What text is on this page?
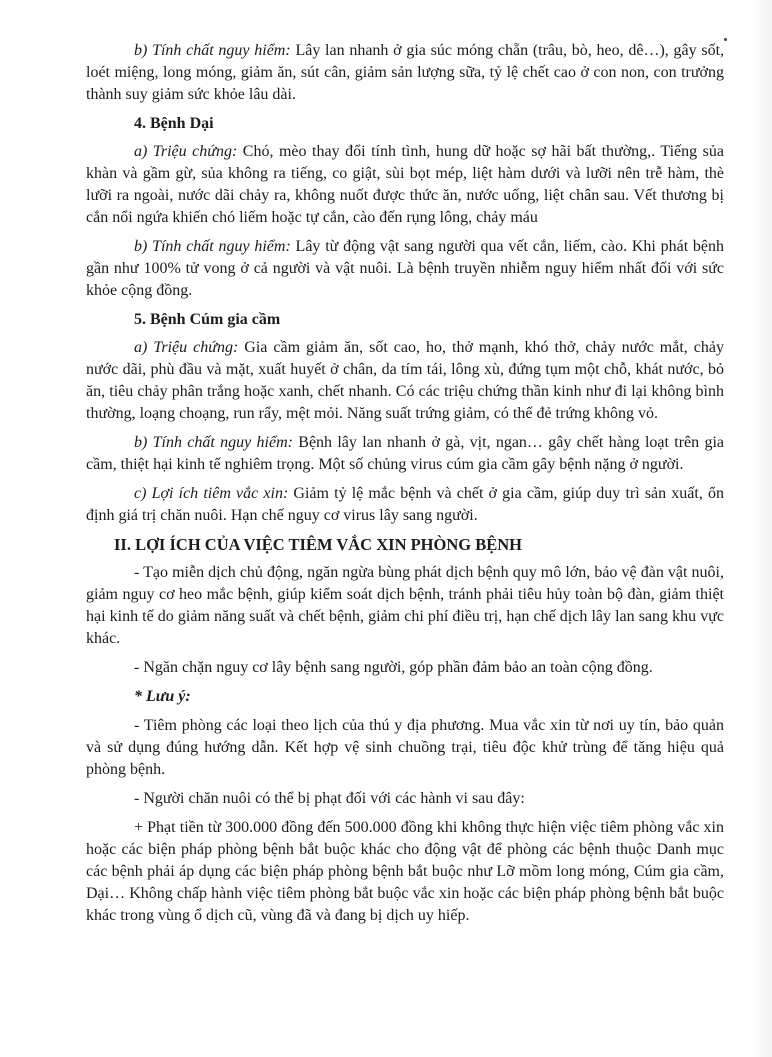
b) Tính chất nguy hiểm: Lây lan nhanh ở gia súc móng chẵn (trâu, bò, heo, dê…), gây sốt, loét miệng, long móng, giảm ăn, sút cân, giảm sản lượng sữa, tỷ lệ chết cao ở con non, con trưởng thành suy giảm sức khỏe lâu dài.

4. Bệnh Dại

a) Triệu chứng: Chó, mèo thay đổi tính tình, hung dữ hoặc sợ hãi bất thường,. Tiếng sủa khàn và gầm gừ, sủa không ra tiếng, co giật, sùi bọt mép, liệt hàm dưới và lưỡi nên trễ hàm, thè lưỡi ra ngoài, nước dãi chảy ra, không nuốt được thức ăn, nước uống, liệt chân sau. Vết thương bị cắn nổi ngứa khiến chó liếm hoặc tự cắn, cào đến rụng lông, chảy máu

b) Tính chất nguy hiểm: Lây từ động vật sang người qua vết cắn, liếm, cào. Khi phát bệnh gần như 100% tử vong ở cả người và vật nuôi. Là bệnh truyền nhiễm nguy hiểm nhất đối với sức khỏe cộng đồng.

5. Bệnh Cúm gia cầm

a) Triệu chứng: Gia cầm giảm ăn, sốt cao, ho, thở mạnh, khó thở, chảy nước mắt, chảy nước dãi, phù đầu và mặt, xuất huyết ở chân, da tím tái, lông xù, đứng tụm một chỗ, khát nước, bỏ ăn, tiêu chảy phân trắng hoặc xanh, chết nhanh. Có các triệu chứng thần kinh như đi lại không bình thường, loạng choạng, run rẩy, mệt mỏi. Năng suất trứng giảm, có thể đẻ trứng không vỏ.

b) Tính chất nguy hiểm: Bệnh lây lan nhanh ở gà, vịt, ngan… gây chết hàng loạt trên gia cầm, thiệt hại kinh tế nghiêm trọng. Một số chủng virus cúm gia cầm gây bệnh nặng ở người.

c) Lợi ích tiêm vắc xin: Giảm tỷ lệ mắc bệnh và chết ở gia cầm, giúp duy trì sản xuất, ổn định giá trị chăn nuôi. Hạn chế nguy cơ virus lây sang người.

II. LỢI ÍCH CỦA VIỆC TIÊM VẮC XIN PHÒNG BỆNH

- Tạo miễn dịch chủ động, ngăn ngừa bùng phát dịch bệnh quy mô lớn, bảo vệ đàn vật nuôi, giảm nguy cơ heo mắc bệnh, giúp kiểm soát dịch bệnh, tránh phải tiêu hủy toàn bộ đàn, giảm thiệt hại kinh tế do giảm năng suất và chết bệnh, giảm chi phí điều trị, hạn chế dịch lây lan sang khu vực khác.

- Ngăn chặn nguy cơ lây bệnh sang người, góp phần đảm bảo an toàn cộng đồng.

* Lưu ý:

- Tiêm phòng các loại theo lịch của thú y địa phương. Mua vắc xin từ nơi uy tín, bảo quản và sử dụng đúng hướng dẫn. Kết hợp vệ sinh chuồng trại, tiêu độc khử trùng để tăng hiệu quả phòng bệnh.

- Người chăn nuôi có thể bị phạt đối với các hành vi sau đây:

+ Phạt tiền từ 300.000 đồng đến 500.000 đồng khi không thực hiện việc tiêm phòng vắc xin hoặc các biện pháp phòng bệnh bắt buộc khác cho động vật để phòng các bệnh thuộc Danh mục các bệnh phải áp dụng các biện pháp phòng bệnh bắt buộc như Lỡ mồm long móng, Cúm gia cầm, Dại… Không chấp hành việc tiêm phòng bắt buộc vắc xin hoặc các biện pháp phòng bệnh bắt buộc khác trong vùng ổ dịch cũ, vùng đã và đang bị dịch uy hiếp.
